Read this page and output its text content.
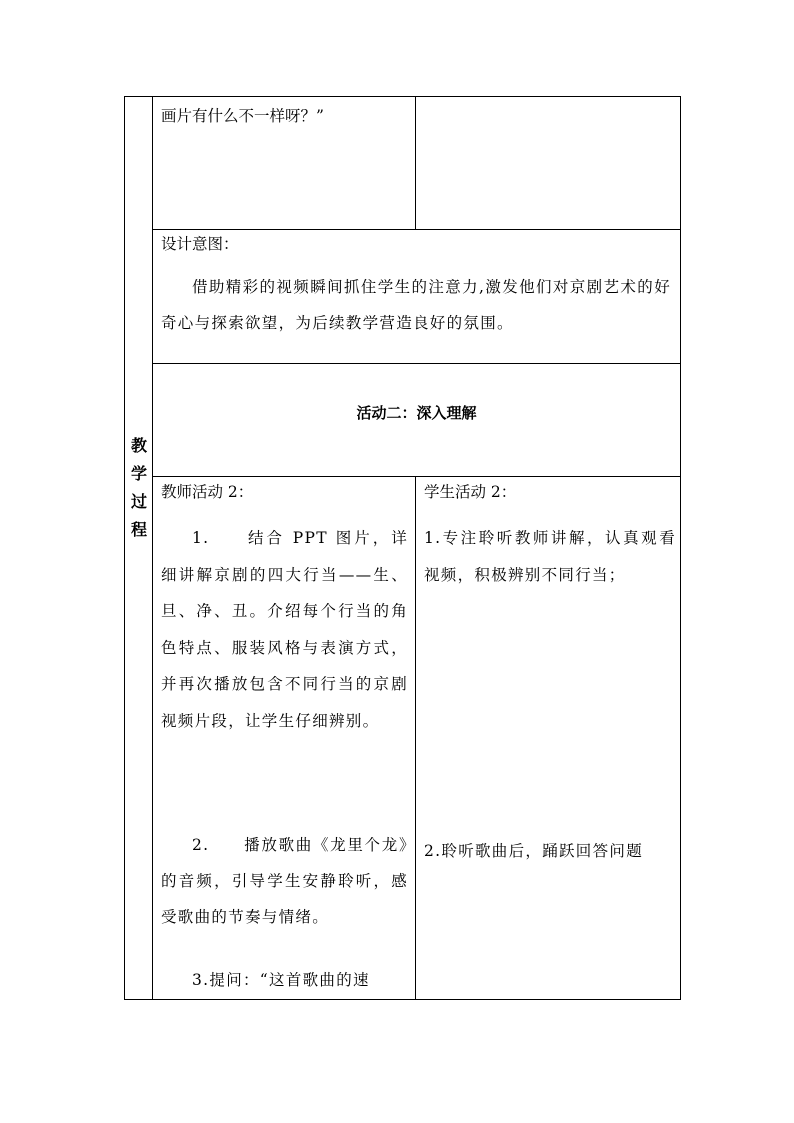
教
学
过
程
画片有什么不一样呀？”
设计意图：
借助精彩的视频瞬间抓住学生的注意力,激发他们对京剧艺术的好奇心与探索欲望，为后续教学营造良好的氛围。
活动二：深入理解
教师活动 2：
1.　　结合 PPT 图片，详细讲解京剧的四大行当——生、旦、净、丑。介绍每个行当的角色特点、服装风格与表演方式，并再次播放包含不同行当的京剧视频片段，让学生仔细辨别。
2.　　播放歌曲《龙里个龙》的音频，引导学生安静聆听，感受歌曲的节奏与情绪。
3.提问：“这首歌曲的速
学生活动 2：
1.专注聆听教师讲解，认真观看视频，积极辨别不同行当；
2.聆听歌曲后，踊跃回答问题
